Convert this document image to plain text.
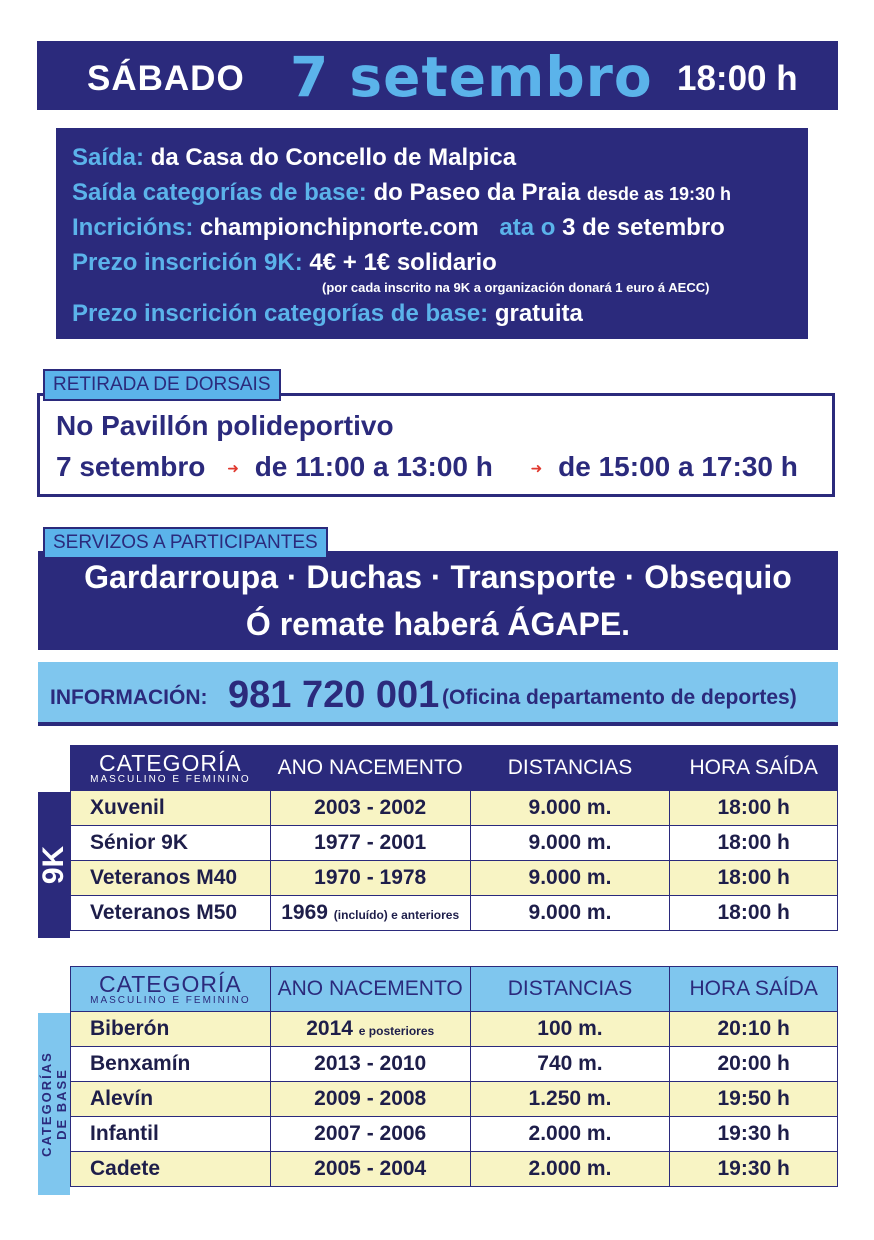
SÁBADO 7 setembro 18:00 h
Saída: da Casa do Concello de Malpica
Saída categorías de base: do Paseo da Praia desde as 19:30 h
Incricións: championchipnorte.com ata o 3 de setembro
Prezo inscrición 9K: 4€ + 1€ solidario
(por cada inscrito na 9K a organización donará 1 euro á AECC)
Prezo inscrición categorías de base: gratuita
No Pavillón polideportivo
7 setembro ➜ de 11:00 a 13:00 h	➜ de 15:00 a 17:30 h
RETIRADA DE DORSAIS
Gardarroupa · Duchas · Transporte · Obsequio
Ó remate haberá ÁGAPE.
SERVIZOS A PARTICIPANTES
INFORMACIÓN: 981 720 001 (Oficina departamento de deportes)
9K
CATEGORÍA
MASCULINO E FEMININO	ANO NACEMENTO	DISTANCIAS	HORA SAÍDA
Xuvenil	2003 - 2002	9.000 m.	18:00 h
Sénior 9K	1977 - 2001	9.000 m.	18:00 h
Veteranos M40	1970 - 1978	9.000 m.	18:00 h
Veteranos M50	1969 (incluído) e anteriores	9.000 m.	18:00 h
CATEGORÍAS DE BASE
CATEGORÍA
MASCULINO E FEMININO	ANO NACEMENTO	DISTANCIAS	HORA SAÍDA
Biberón	2014 e posteriores	100 m.	20:10 h
Benxamín	2013 - 2010	740 m.	20:00 h
Alevín	2009 - 2008	1.250 m.	19:50 h
Infantil	2007 - 2006	2.000 m.	19:30 h
Cadete	2005 - 2004	2.000 m.	19:30 h
